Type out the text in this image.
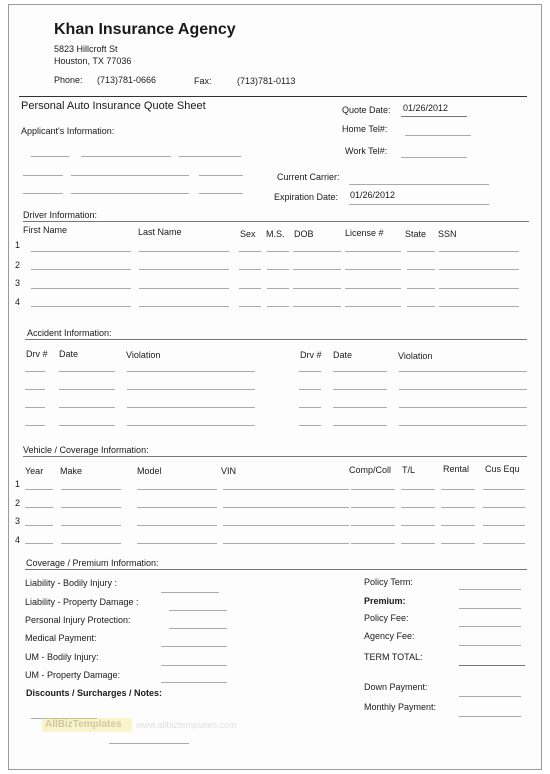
Khan Insurance Agency
5823 Hillcroft St
Houston, TX 77036
Phone: (713)781-0666	Fax:	(713)781-0113
Personal Auto Insurance Quote Sheet
Applicant's Information:
Quote Date: 01/26/2012
Home Tel#:
Work Tel#:
Current Carrier:
Expiration Date: 01/26/2012
Driver Information:
First Name	Last Name	Sex M.S. DOB	License # State SSN
1
2
3
4
Accident Information:
Drv # Date	Violation	Drv # Date	Violation
Vehicle / Coverage Information:
Year Make	Model	VIN	Comp/Coll T/L	Rental Cus Equ
1
2
3
4
Coverage / Premium Information:
Liability - Bodily Injury :
Liability - Property Damage :
Personal Injury Protection:
Medical Payment:
UM - Bodily Injury:
UM - Property Damage:
Discounts / Surcharges / Notes:
Policy Term:
Premium:
Policy Fee:
Agency Fee:
TERM TOTAL:
Down Payment:
Monthly Payment:
AllBizTemplates www.allbiztemplates.com
